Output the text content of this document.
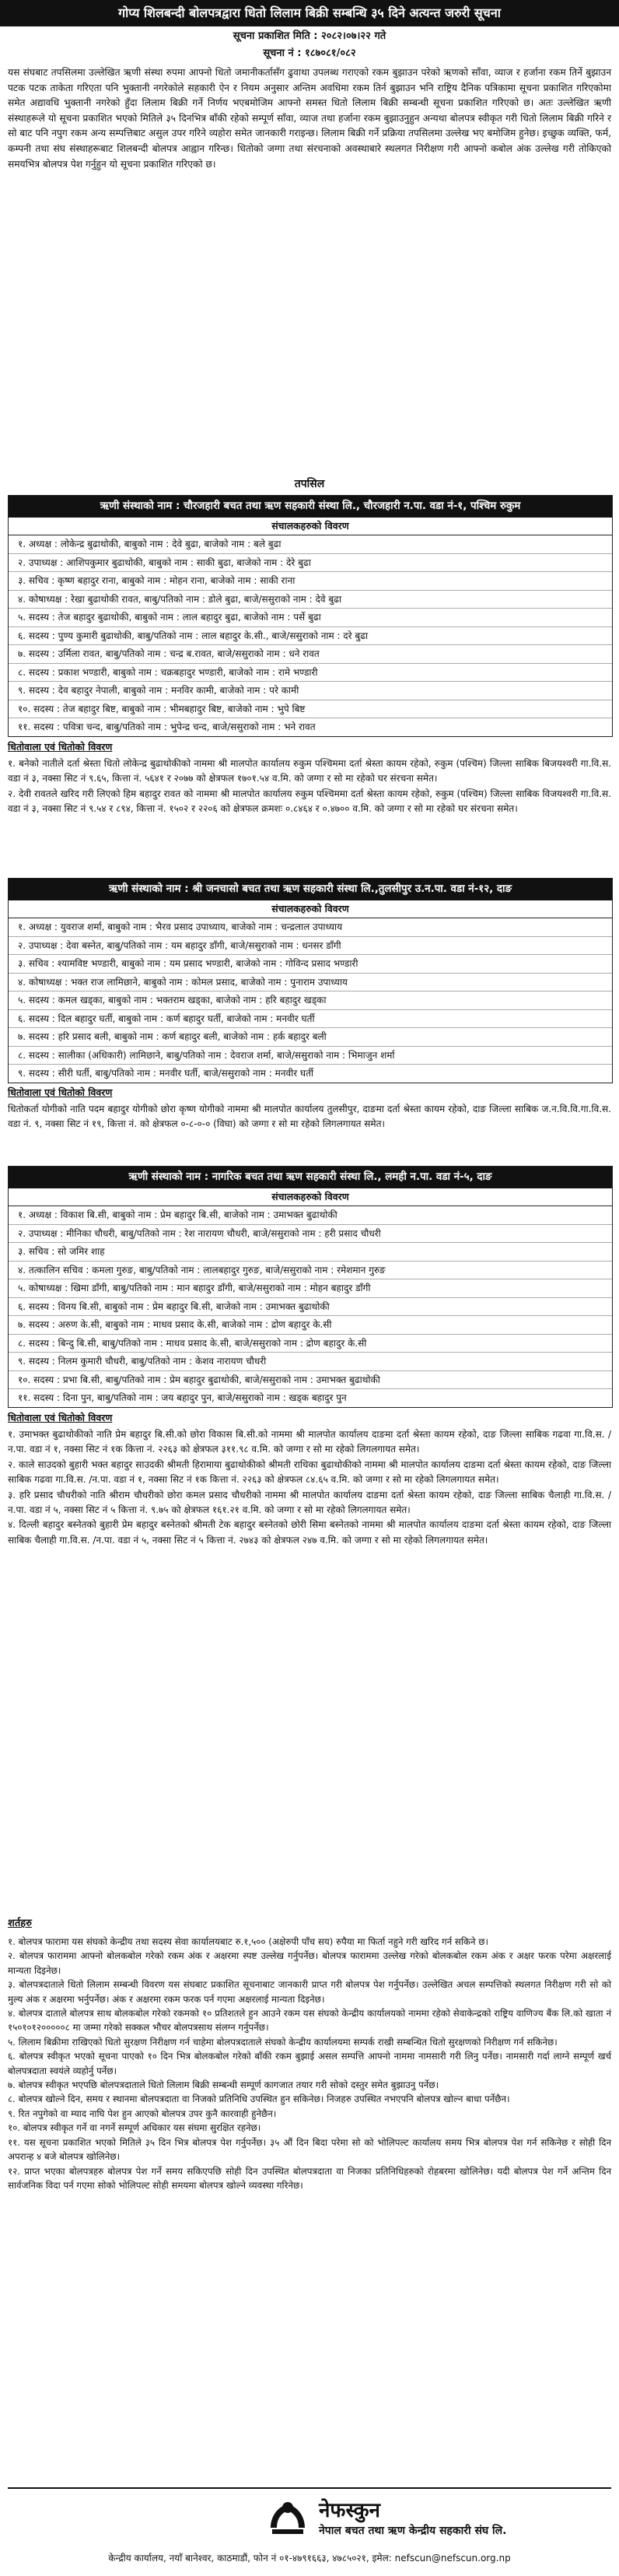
गोप्य शिलबन्दी बोलपत्रद्वारा धितो लिलाम बिक्री सम्बन्धि ३५ दिने अत्यन्त जरुरी सूचना
सूचना प्रकाशित मिति : २०८२।०७।२२ गते
सूचना नं : १८७०८१/०८२
यस संघबाट तपसिलमा उल्लेखित ऋणी संस्था रुपमा आफ्नो धितो जमानीकर्तासँग ढुवाथा उपलब्ध गराएको रकम बुझाउन परेको ऋणको साँवा, व्याज र हर्जाना रकम तिर्ने बुझाउन पटक पटक ताकेता गरिएता पनि भुक्तानी नगरेकोले सहकारी ऐन र नियम अनुसार अन्तिम अवधिमा रकम तिर्न बुझाउन भनि राष्ट्रिय दैनिक पत्रिकामा सूचना प्रकाशित गरिएकोमा समेत अद्यावधि भुक्तानी नगरेको हुँदा लिलाम बिक्री गर्ने निर्णय भएबमोजिम आफ्नो समस्त धितो लिलाम बिक्री सम्बन्धी सूचना प्रकाशित गरिएको छ। अतः उल्लेखित ऋणी संस्थाहरूले यो सूचना प्रकाशित भएको मितिले ३५ दिनभित्र बाँकी रहेको सम्पूर्ण साँवा, व्याज तथा हर्जाना रकम बुझाउनुहुन अन्यथा बोलपत्र स्वीकृत गरी धितो लिलाम बिक्री गरिने र सो बाट पनि नपुग रकम अन्य सम्पत्तिबाट असुल उपर गरिने व्यहोरा समेत जानकारी गराइन्छ। लिलाम बिक्री गर्ने प्रक्रिया तपसिलमा उल्लेख भए बमोजिम हुनेछ। इच्छुक व्यक्ति, फर्म, कम्पनी तथा संघ संस्थाहरूबाट शिलबन्दी बोलपत्र आह्वान गरिन्छ। धितोको जग्गा तथा संरचनाको अवस्थाबारे स्थलगत निरीक्षण गरी आफ्नो कबोल अंक उल्लेख गरी तोकिएको समयभित्र बोलपत्र पेश गर्नुहुन यो सूचना प्रकाशित गरिएको छ।
तपसिल
ऋणी संस्थाको नाम : चौरजहारी बचत तथा ऋण सहकारी संस्था लि., चौरजहारी न.पा. वडा नं-१, पश्चिम रुकुम
संचालकहरुको विवरण
१. अध्यक्ष : लोकेन्द्र बुढाथोकी, बाबुको नाम : देवे बुढा, बाजेको नाम : बले बुढा
२. उपाध्यक्ष : आशिपकुमार बुढाथोकी, बाबुको नाम : साकी बुढा, बाजेको नाम : देरे बुढा
३. सचिव : कृष्ण बहादुर राना, बाबुको नाम : मोहन राना, बाजेको नाम : साकी राना
४. कोषाध्यक्ष : रेखा बुढाथोकी रावत, बाबु/पतिको नाम : डोले बुढा, बाजे/ससुराको नाम : देवे बुढा
५. सदस्य : तेज बहादुर बुढाथोकी, बाबुको नाम : लाल बहादुर बुढा, बाजेको नाम : पर्से बुढा
६. सदस्य : पुण्य कुमारी बुढाथोकी, बाबु/पतिको नाम : लाल बहादुर के.सी., बाजे/ससुराको नाम : दरे बुढा
७. सदस्य : उर्मिला रावत, बाबु/पतिको नाम : चन्द्र ब.रावत, बाजे/ससुराको नाम : धने रावत
८. सदस्य : प्रकाश भण्डारी, बाबुको नाम : चक्रबहादुर भण्डारी, बाजेको नाम : रामे भण्डारी
९. सदस्य : देव बहादुर नेपाली, बाबुको नाम : मनविर कामी, बाजेको नाम : परे कामी
१०. सदस्य : तेज बहादुर बिष्ट, बाबुको नाम : भीमबहादुर बिष्ट, बाजेको नाम : भुपे बिष्ट
११. सदस्य : पवित्रा चन्द, बाबु/पतिको नाम : भुपेन्द्र चन्द, बाजे/ससुराको नाम : भने रावत
धितोवाला एवं धितोको विवरण
१. बनेको नातीले दर्ता श्रेस्ता धितो लोकेन्द्र बुढाथोकीको नाममा श्री मालपोत कार्यालय रुकुम पश्चिममा दर्ता श्रेस्ता कायम रहेको, रुकुम (पश्चिम) जिल्ला साबिक बिजयश्वरी गा.वि.स. वडा नं ३, नक्सा सिट नं ९.६५, कित्ता नं. ५६४१ र २०७७ को क्षेत्रफल १७०१.५४ व.मि. को जग्गा र सो मा रहेको घर संरचना समेत।
२. देवी रावतले खरिद गरी लिएको हिम बहादुर रावत को नाममा श्री मालपोत कार्यालय रुकुम पश्चिममा दर्ता श्रेस्ता कायम रहेको, रुकुम (पश्चिम) जिल्ला साबिक विजयश्वरी गा.वि.स. वडा नं ३, नक्सा सिट नं ९.५४ र ८९४, कित्ता नं. १५०२ र २२०६ को क्षेत्रफल क्रमशः ०.८४६४ र ०.४७०० व.मि. को जग्गा र सो मा रहेको घर संरचना समेत।
ऋणी संस्थाको नाम : श्री जनचासो बचत तथा ऋण सहकारी संस्था लि.,तुलसीपुर उ.न.पा. वडा नं-१२, दाङ
संचालकहरुको विवरण
१. अध्यक्ष : युवराज शर्मा, बाबुको नाम : भैरव प्रसाद उपाध्याय, बाजेको नाम : चन्द्रलाल उपाध्याय
२. उपाध्यक्ष : देवा बस्नेत, बाबु/पतिको नाम : यम बहादुर डाँगी, बाजे/ससुराको नाम : धनसर डाँगी
३. सचिव : श्यामविष्ट भण्डारी, बाबुको नाम : यम प्रसाद भण्डारी, बाजेको नाम : गोविन्द प्रसाद भण्डारी
४. कोषाध्यक्ष : भक्त राज लामिछाने, बाबुको नाम : कोमल प्रसाद, बाजेको नाम : पुनाराम उपाध्याय
५. सदस्य : कमल खड्का, बाबुको नाम : भक्तराम खड्का, बाजेको नाम : हरि बहादुर खड्का
६. सदस्य : दिल बहादुर घर्ती, बाबुको नाम : कर्ण बहादुर घर्ती, बाजेको नाम : मनवीर घर्ती
७. सदस्य : हरि प्रसाद बली, बाबुको नाम : कर्ण बहादुर बली, बाजेको नाम : हर्क बहादुर बली
८. सदस्य : सालीका (अधिकारी) लामिछाने, बाबु/पतिको नाम : देवराज शर्मा, बाजे/ससुराको नाम : भिमाजुन शर्मा
९. सदस्य : सीरी घर्ती, बाबु/पतिको नाम : मनवीर घर्ती, बाजे/ससुराको नाम : मनवीर घर्ती
धितोवाला एवं धितोको विवरण
धितोकर्ता योगीको नाति पदम बहादुर योगीको छोरा कृष्ण योगीको नाममा श्री मालपोत कार्यालय तुलसीपुर, दाङमा दर्ता श्रेस्ता कायम रहेको, दाङ जिल्ला साबिक ज.न.वि.वि.गा.वि.स. वडा नं. ९, नक्सा सिट नं १९, कित्ता नं. को क्षेत्रफल ०-८-०-० (विघा) को जग्गा र सो मा रहेको लिगलगायत समेत।
ऋणी संस्थाको नाम : नागरिक बचत तथा ऋण सहकारी संस्था लि., लमही न.पा. वडा नं-५, दाङ
संचालकहरुको विवरण
१. अध्यक्ष : विकाश बि.सी, बाबुको नाम : प्रेम बहादुर बि.सी, बाजेको नाम : उमाभक्त बुढाथोकी
२. उपाध्यक्ष : मीनिका चौधरी, बाबु/पतिको नाम : रेश नारायण चौधरी, बाजे/ससुराको नाम : हरी प्रसाद चौधरी
३. सचिव : सो जमिर शाह
४. तत्कालिन सचिव : कमला गुरुङ, बाबु/पतिको नाम : लालबहादुर गुरुङ, बाजे/ससुराको नाम : रमेशमान गुरुङ
५. कोषाध्यक्ष : खिमा डाँगी, बाबु/पतिको नाम : मान बहादुर डाँगी, बाजे/ससुराको नाम : मोहन बहादुर डाँगी
६. सदस्य : विनय बि.सी, बाबुको नाम : प्रेम बहादुर बि.सी, बाजेको नाम : उमाभक्त बुढाथोकी
७. सदस्य : अरुण के.सी, बाबुको नाम : माधव प्रसाद के.सी, बाजेको नाम : द्रोण बहादुर के.सी
८. सदस्य : बिन्दु बि.सी, बाबु/पतिको नाम : माधव प्रसाद के.सी, बाजे/ससुराको नाम : द्रोण बहादुर के.सी
९. सदस्य : निलम कुमारी चौधरी, बाबु/पतिको नाम : केशव नारायण चौधरी
१०. सदस्य : प्रभा बि.सी, बाबु/पतिको नाम : प्रेम बहादुर बुढाथोकी, बाजे/ससुराको नाम : उमाभक्त बुढाथोकी
११. सदस्य : दिना पुन, बाबु/पतिको नाम : जय बहादुर पुन, बाजे/ससुराको नाम : खड्क बहादुर पुन
धितोवाला एवं धितोको विवरण
१. उमाभक्त बुढाथोकीको नाति प्रेम बहादुर बि.सी.को छोरा विकास बि.सी.को नाममा श्री मालपोत कार्यालय दाङमा दर्ता श्रेस्ता कायम रहेको, दाङ जिल्ला साबिक गढवा गा.वि.स. /न.पा. वडा नं १, नक्सा सिट नं १क कित्ता नं. २२६३ को क्षेत्रफल ३११.९८ व.मि. को जग्गा र सो मा रहेको लिगलगायत समेत।
२. काले साउदको बुहारी भक्त बहादुर साउदकी श्रीमती हिरामाया बुढाथोकीको श्रीमती राधिका बुढाथोकीको नाममा श्री मालपोत कार्यालय दाङमा दर्ता श्रेस्ता कायम रहेको, दाङ जिल्ला साबिक गढवा गा.वि.स. /न.पा. वडा नं १, नक्सा सिट नं १क कित्ता नं. २२६३ को क्षेत्रफल ८४.६५ व.मि. को जग्गा र सो मा रहेको लिगलगायत समेत।
३. हरि प्रसाद चौधरीको नाति श्रीराम चौधरीको छोरा कमल प्रसाद चौधरीको नाममा श्री मालपोत कार्यालय दाङमा दर्ता श्रेस्ता कायम रहेको, दाङ जिल्ला साबिक चैलाही गा.वि.स. /न.पा. वडा नं ५, नक्सा सिट नं ५ कित्ता नं. ९.७५ को क्षेत्रफल १६१.२१ व.मि. को जग्गा र सो मा रहेको लिगलगायत समेत।
४. दिल्ली बहादुर बस्नेतको बुहारी प्रेम बहादुर बस्नेतको श्रीमती टेक बहादुर बस्नेतको छोरी सिमा बस्नेतको नाममा श्री मालपोत कार्यालय दाङमा दर्ता श्रेस्ता कायम रहेको, दाङ जिल्ला साबिक चैलाही गा.वि.स. /न.पा. वडा नं ५, नक्सा सिट नं ५ कित्ता नं. २७४३ को क्षेत्रफल २४७ व.मि. को जग्गा र सो मा रहेको लिगलगायत समेत।
शर्तहरु
१. बोलपत्र फारामा यस संघको केन्द्रीय तथा सदस्य सेवा कार्यालयबाट रु.१,५०० (अक्षेरुपी पाँच सय) रुपैया मा फिर्ता नहुने गरी खरिद गर्न सकिने छ।
२. बोलपत्र फाराममा आफ्नो बोलकबोल गरेको रकम अंक र अक्षरमा स्पष्ट उल्लेख गर्नुपर्नेछ। बोलपत्र फाराममा उल्लेख गरेको बोलकबोल रकम अंक र अक्षर फरक परेमा अक्षरलाई मान्यता दिइनेछ।
३. बोलपत्रदाताले धितो लिलाम सम्बन्धी विवरण यस संघबाट प्रकाशित सूचनाबाट जानकारी प्राप्त गरी बोलपत्र पेश गर्नुपर्नेछ। उल्लेखित अचल सम्पत्तिको स्थलगत निरीक्षण गरी सो को मुल्य अंक र अक्षरमा भर्नुपर्नेछ। अंक र अक्षरमा रकम फरक पर्न गएमा अक्षरलाई मान्यता दिइनेछ।
४. बोलपत्र दाताले बोलपत्र साथ बोलकबोल गरेको रकमको १० प्रतिशतले हुन आउने रकम यस संघको केन्द्रीय कार्यालयको नाममा रहेको सेवाकेन्द्रको राष्ट्रिय वाणिज्य बैंक लि.को खाता नं १५०१०१२०००००८ मा जम्मा गरेको सक्कल भौचर बोलपत्रसाथ संलग्न गर्नुपर्नेछ।
५. लिलाम बिक्रीमा राखिएको धितो सुरक्षण निरीक्षण गर्न चाहेमा बोलपत्रदाताले संघको केन्द्रीय कार्यालयमा सम्पर्क राखी सम्बन्धित धितो सुरक्षणको निरीक्षण गर्न सकिनेछ।
६. बोलपत्र स्वीकृत भएको सूचना पाएको १० दिन भित्र बोलकबोल गरेको बाँकी रकम बुझाई असल सम्पत्ति आफ्नो नाममा नामसारी गरी लिनु पर्नेछ। नामसारी गर्दा लाग्ने सम्पूर्ण खर्च बोलपत्रदाता स्वयंले व्यहोर्नु पर्नेछ।
७. बोलपत्र स्वीकृत भएपछि बोलपत्रदाताले धितो लिलाम बिक्री सम्बन्धी सम्पूर्ण कागजात तयार गरी सोको दस्तुर समेत बुझाउनु पर्नेछ।
८. बोलपत्र खोल्ने दिन, समय र स्थानमा बोलपत्रदाता वा निजको प्रतिनिधि उपस्थित हुन सकिनेछ। निजहरु उपस्थित नभएपनि बोलपत्र खोल्न बाधा पर्नेछैन।
९. रित नपुगेको वा म्याद नाघि पेश हुन आएको बोलपत्र उपर कुनै कारवाही हुनेछैन।
१०. बोलपत्र स्वीकृत गर्ने वा नगर्ने सम्पूर्ण अधिकार यस संघमा सुरक्षित रहनेछ।
११. यस सूचना प्रकाशित भएको मितिले ३५ दिन भित्र बोलपत्र पेश गर्नुपर्नेछ। ३५ औं दिन बिदा परेमा सो को भोलिपल्ट कार्यालय समय भित्र बोलपत्र पेश गर्न सकिनेछ र सोही दिन अपरान्ह ४ बजे बोलपत्र खोलिनेछ।
१२. प्राप्त भएका बोलपत्रहरु बोलपत्र पेश गर्ने समय सकिएपछि सोही दिन उपस्थित बोलपत्रदाता वा निजका प्रतिनिधिहरुको रोहबरमा खोलिनेछ। यदी बोलपत्र पेश गर्ने अन्तिम दिन सार्वजनिक विदा पर्न गएमा सोको भोलिपल्ट सोही समयमा बोलपत्र खोल्ने व्यवस्था गरिनेछ।
नेफस्कुन
नेपाल बचत तथा ऋण केन्द्रीय सहकारी संघ लि.
केन्द्रीय कार्यालय, नयाँ बानेश्वर, काठमाडौं, फोन नं ०१-४७९१६६३, ४७८५०२१, इमेल: nefscun@nefscun.org.np
